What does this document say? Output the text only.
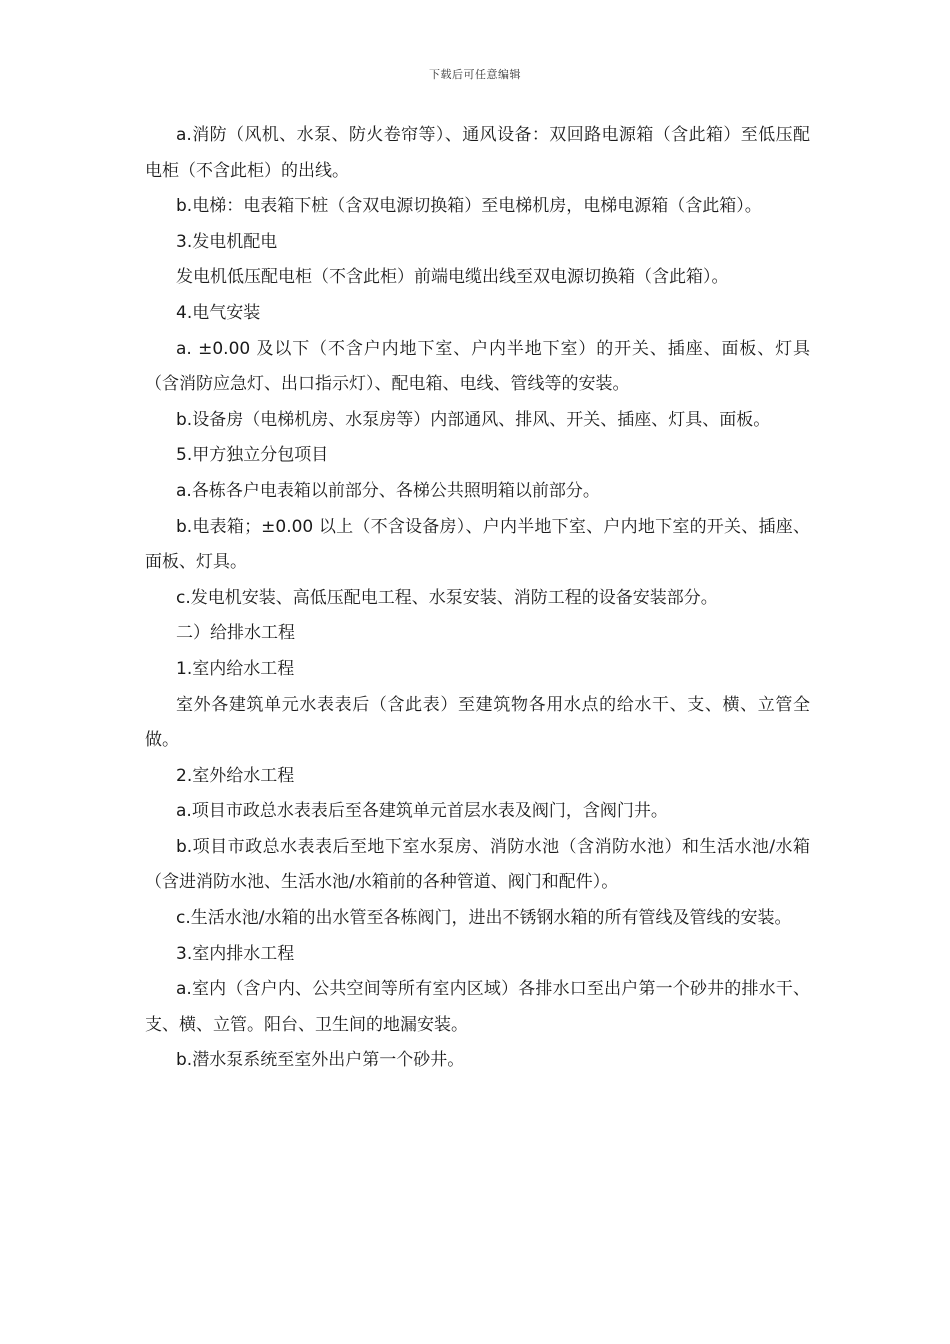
下载后可任意编辑

a.消防（风机、水泵、防火卷帘等）、通风设备：双回路电源箱（含此箱）至低压配电柜（不含此柜）的出线。

b.电梯：电表箱下桩（含双电源切换箱）至电梯机房，电梯电源箱（含此箱）。

3.发电机配电

发电机低压配电柜（不含此柜）前端电缆出线至双电源切换箱（含此箱）。

4.电气安装

a. ±0.00 及以下（不含户内地下室、户内半地下室）的开关、插座、面板、灯具（含消防应急灯、出口指示灯）、配电箱、电线、管线等的安装。

b.设备房（电梯机房、水泵房等）内部通风、排风、开关、插座、灯具、面板。

5.甲方独立分包项目

a.各栋各户电表箱以前部分、各梯公共照明箱以前部分。

b.电表箱；±0.00 以上（不含设备房）、户内半地下室、户内地下室的开关、插座、面板、灯具。

c.发电机安装、高低压配电工程、水泵安装、消防工程的设备安装部分。

二）给排水工程

1.室内给水工程

室外各建筑单元水表表后（含此表）至建筑物各用水点的给水干、支、横、立管全做。

2.室外给水工程

a.项目市政总水表表后至各建筑单元首层水表及阀门，含阀门井。

b.项目市政总水表表后至地下室水泵房、消防水池（含消防水池）和生活水池/水箱（含进消防水池、生活水池/水箱前的各种管道、阀门和配件）。

c.生活水池/水箱的出水管至各栋阀门，进出不锈钢水箱的所有管线及管线的安装。

3.室内排水工程

a.室内（含户内、公共空间等所有室内区域）各排水口至出户第一个砂井的排水干、支、横、立管。阳台、卫生间的地漏安装。

b.潜水泵系统至室外出户第一个砂井。
